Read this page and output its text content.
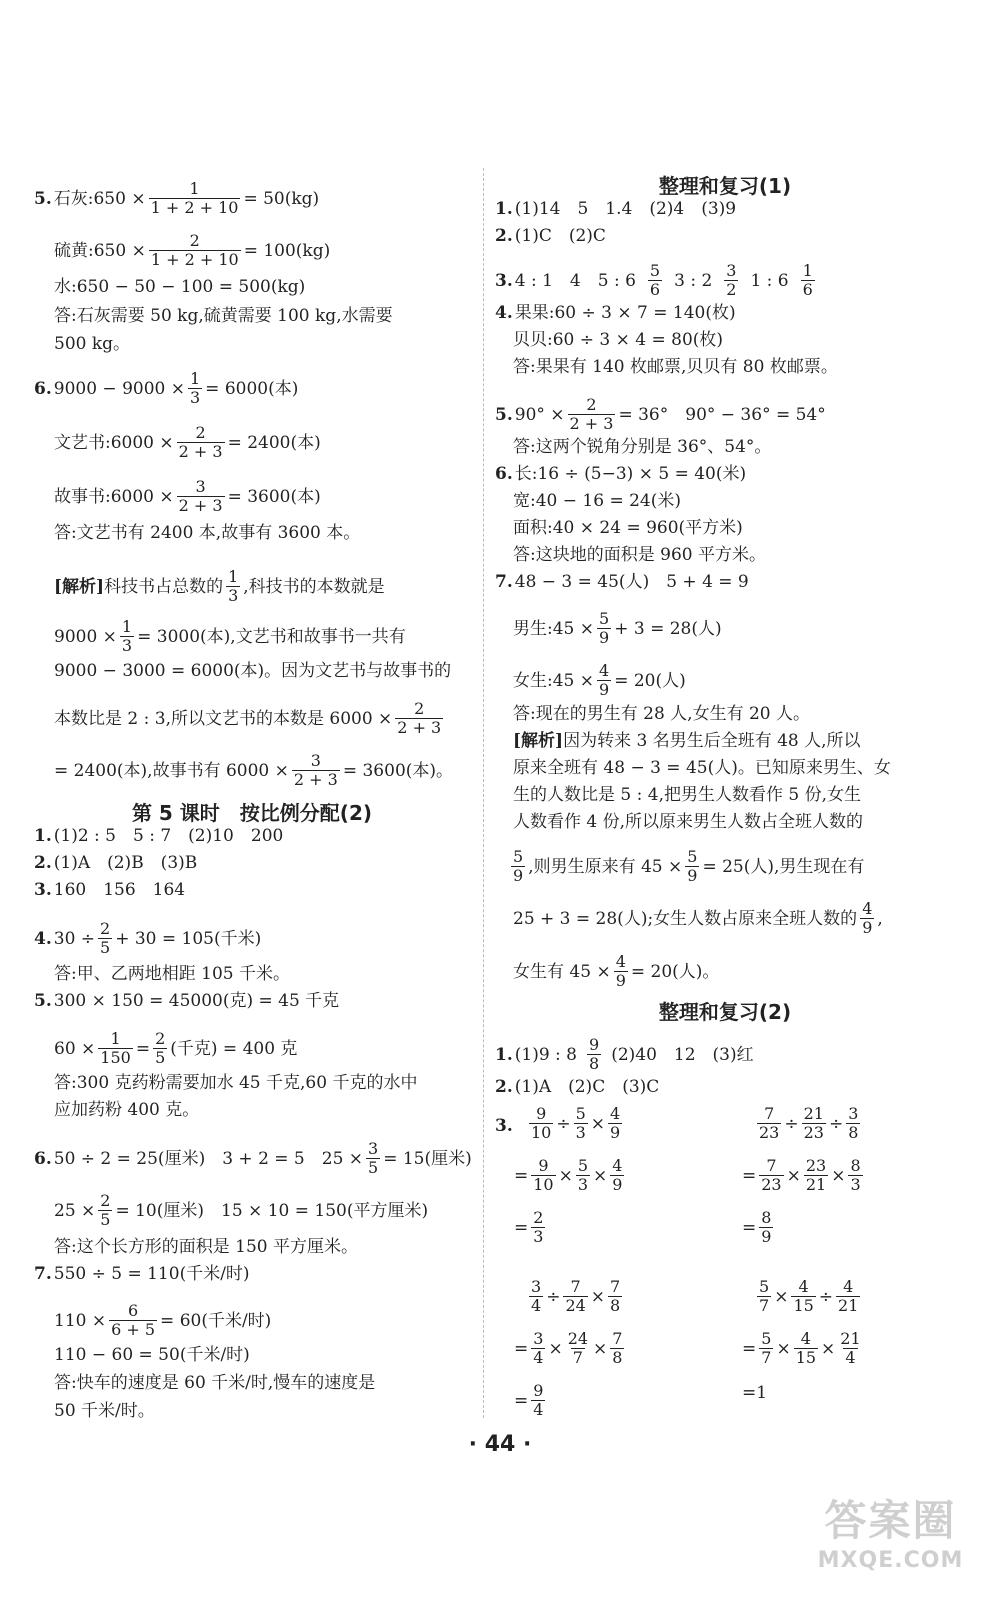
5. 石灰:650 × $\frac{1}{1 + 2 + 10} = 50(kg)$
硫黄:650 × $\frac{2}{1 + 2 + 10} = 100(kg)$
水:650 − 50 − 100 = 500(kg)
答:石灰需要 50 kg,硫黄需要 100 kg,水需要
500 kg。
6. $9000 - 9000 \times \frac{1}{3} = 6000$(本)
文艺书:6000 × $\frac{2}{2 + 3} = 2400$(本)
故事书:6000 × $\frac{3}{2 + 3} = 3600$(本)
答:文艺书有 2400 本,故事有 3600 本。
[解析] 科技书占总数的 $\frac{1}{3}$ ,科技书的本数就是
$9000 \times \frac{1}{3} = 3000$(本),文艺书和故事书一共有
9000 − 3000 = 6000(本)。因为文艺书与故事书的
本数比是 2 : 3,所以文艺书的本数是 $6000 \times \frac{2}{2 + 3}$
= 2400(本),故事书有 $6000 \times \frac{3}{2 + 3} = 3600$(本)。
第 5 课时　按比例分配(2)
1. (1)2 : 5　5 : 7　(2)10　200
2. (1)A　(2)B　(3)B
3. 160　156　164
4. $30 \div \frac{2}{5} + 30 = 105$(千米)
答:甲、乙两地相距 105 千米。
5. 300 × 150 = 45000(克) = 45 千克
$60 \times \frac{1}{150} = \frac{2}{5}$ (千克) = 400 克
答:300 克药粉需要加水 45 千克,60 千克的水中
应加药粉 400 克。
6. 50 ÷ 2 = 25(厘米)　3 + 2 = 5　$25 \times \frac{3}{5} = 15$(厘米)
$25 \times \frac{2}{5} = 10$(厘米)　15 × 10 = 150(平方厘米)
答:这个长方形的面积是 150 平方厘米。
7. 550 ÷ 5 = 110(千米/时)
$110 \times \frac{6}{6 + 5} = 60$(千米/时)
110 − 60 = 50(千米/时)
答:快车的速度是 60 千米/时,慢车的速度是
50 千米/时。
整理和复习(1)
1. (1)14　5　1.4　(2)4　(3)9
2. (1)C　(2)C
3. 4 : 1　4　5 : $6 \frac{5}{6} 3$ : $2 \frac{3}{2} 1$ : $6 \frac{1}{6}$
4. 果果:60 ÷ 3 × 7 = 140(枚)
贝贝:60 ÷ 3 × 4 = 80(枚)
答:果果有 140 枚邮票,贝贝有 80 枚邮票。
5. $90^\circ \times \frac{2}{2 + 3} = 36^\circ$　90° − 36° = 54°
答:这两个锐角分别是 36°、54°。
6. 长:16 ÷ (5−3) × 5 = 40(米)
宽:40 − 16 = 24(米)
面积:40 × 24 = 960(平方米)
答:这块地的面积是 960 平方米。
7. 48 − 3 = 45(人)　5 + 4 = 9
男生:45 × $\frac{5}{9} + 3 = 28$(人)
女生:45 × $\frac{4}{9} = 20$(人)
答:现在的男生有 28 人,女生有 20 人。
[解析] 因为转来 3 名男生后全班有 48 人,所以
原来全班有 48 − 3 = 45(人)。已知原来男生、女
生的人数比是 5 : 4,把男生人数看作 5 份,女生
人数看作 4 份,所以原来男生人数占全班人数的
$\frac{5}{9}$ ,则男生原来有 $45 \times \frac{5}{9} = 25$(人),男生现在有
25 + 3 = 28(人);女生人数占原来全班人数的 $\frac{4}{9}$ ,
女生有 $45 \times \frac{4}{9} = 20$(人)。
整理和复习(2)
1. (1)9 : $8 \frac{9}{8} (2)40$　12　(3)红
2. (1)A　(2)C　(3)C
3. $\frac{9}{10} \div \frac{5}{3} \times \frac{4}{9}$
= $\frac{9}{10} \times \frac{5}{3} \times \frac{4}{9}$
= $\frac{2}{3}$
$\frac{7}{23} \div \frac{21}{23} \div \frac{3}{8}$
= $\frac{7}{23} \times \frac{23}{21} \times \frac{8}{3}$
= $\frac{8}{9}$
$\frac{3}{4} \div \frac{7}{24} \times \frac{7}{8}$
= $\frac{3}{4} \times \frac{24}{7} \times \frac{7}{8}$
= $\frac{9}{4}$
$\frac{5}{7} \times \frac{4}{15} \div \frac{4}{21}$
= $\frac{5}{7} \times \frac{4}{15} \times \frac{21}{4}$
= 1
· 44 ·
答案圈
MXQE.COM
